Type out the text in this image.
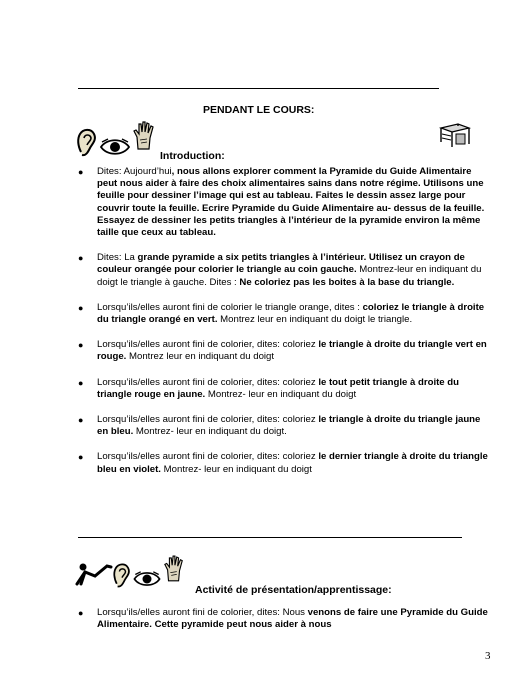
PENDANT LE COURS:
Introduction:
● Dites: Aujourd’hui, nous allons explorer comment la Pyramide du Guide Alimentaire peut nous aider à faire des choix alimentaires sains dans notre régime. Utilisons une feuille pour dessiner l’image qui est au tableau. Faites le dessin assez large pour couvrir toute la feuille. Ecrire Pyramide du Guide Alimentaire au- dessus de la feuille. Essayez de dessiner les petits triangles à l’intérieur de la pyramide environ la même taille que ceux au tableau.
● Dites: La grande pyramide a six petits triangles à l’intérieur. Utilisez un crayon de couleur orangée pour colorier le triangle au coin gauche. Montrez-leur en indiquant du doigt le triangle à gauche. Dites : Ne coloriez pas les boites à la base du triangle.
● Lorsqu’ils/elles auront fini de colorier le triangle orange, dites : coloriez le triangle à droite du triangle orangé en vert. Montrez leur en indiquant du doigt le triangle.
● Lorsqu’ils/elles auront fini de colorier, dites: coloriez le triangle à droite du triangle vert en rouge. Montrez leur en indiquant du doigt
● Lorsqu’ils/elles auront fini de colorier, dites: coloriez le tout petit triangle à droite du triangle rouge en jaune. Montrez- leur en indiquant du doigt
● Lorsqu’ils/elles auront fini de colorier, dites: coloriez le triangle à droite du triangle jaune en bleu. Montrez- leur en indiquant du doigt.
● Lorsqu’ils/elles auront fini de colorier, dites: coloriez le dernier triangle à droite du triangle bleu en violet. Montrez- leur en indiquant du doigt
Activité de présentation/apprentissage:
● Lorsqu’ils/elles auront fini de colorier, dites: Nous venons de faire une Pyramide du Guide Alimentaire. Cette pyramide peut nous aider à nous
3
